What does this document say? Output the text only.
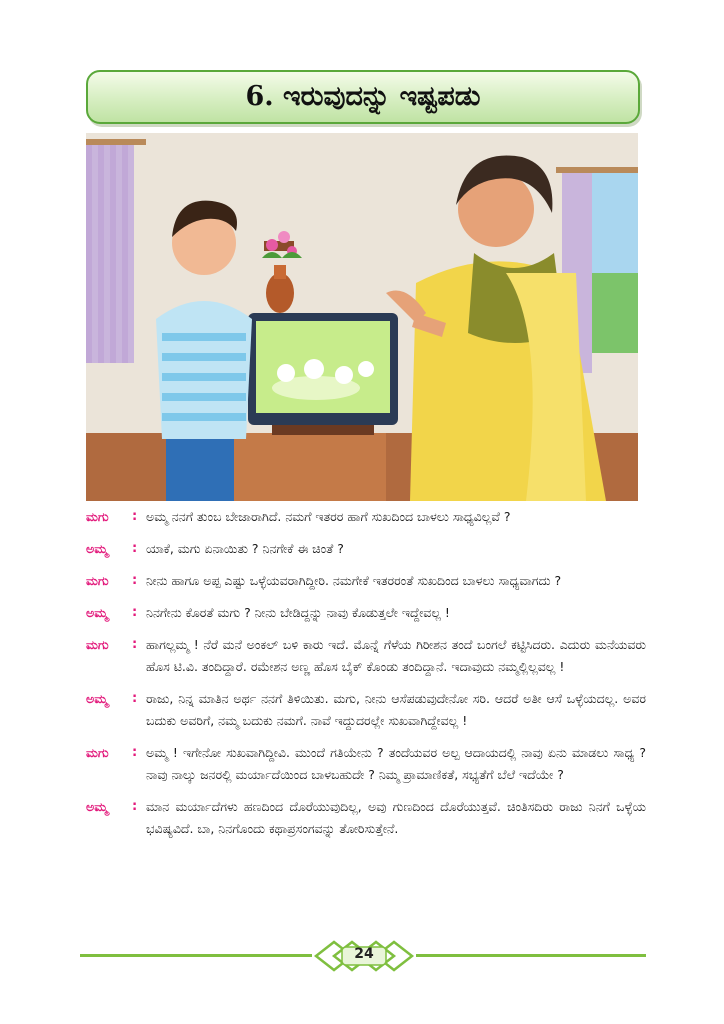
6. ಇರುವುದನ್ನು ಇಷ್ಟಪಡು
ಮಗು	: ಅಮ್ಮ ನನಗೆ ತುಂಬ ಬೇಜಾರಾಗಿದೆ. ನಮಗೆ ಇತರರ ಹಾಗೆ ಸುಖದಿಂದ ಬಾಳಲು ಸಾಧ್ಯವಿಲ್ಲವೆ ?
ಅಮ್ಮ	: ಯಾಕೆ, ಮಗು ಏನಾಯಿತು ? ನಿನಗೇಕೆ ಈ ಚಿಂತೆ ?
ಮಗು	: ನೀನು ಹಾಗೂ ಅಪ್ಪ ಎಷ್ಟು ಒಳ್ಳೆಯವರಾಗಿದ್ದೀರಿ. ನಮಗೇಕೆ ಇತರರಂತೆ ಸುಖದಿಂದ ಬಾಳಲು ಸಾಧ್ಯವಾಗದು ?
ಅಮ್ಮ	: ನಿನಗೇನು ಕೊರತೆ ಮಗು ? ನೀನು ಬೇಡಿದ್ದನ್ನು ನಾವು ಕೊಡುತ್ತಲೇ ಇದ್ದೇವಲ್ಲ !
ಮಗು	: ಹಾಗಲ್ಲಮ್ಮ ! ನೆರೆ ಮನೆ ಅಂಕಲ್ ಬಳಿ ಕಾರು ಇದೆ. ಮೊನ್ನೆ ಗೆಳೆಯ ಗಿರೀಶನ ತಂದೆ ಬಂಗಲೆ ಕಟ್ಟಿಸಿದರು. ಎದುರು ಮನೆಯವರು ಹೊಸ ಟಿ.ವಿ. ತಂದಿದ್ದಾರೆ. ರಮೇಶನ ಅಣ್ಣ ಹೊಸ ಬೈಕ್ ಕೊಂಡು ತಂದಿದ್ದಾನೆ. ಇದಾವುದು ನಮ್ಮಲ್ಲಿಲ್ಲವಲ್ಲ !
ಅಮ್ಮ	: ರಾಜು, ನಿನ್ನ ಮಾತಿನ ಅರ್ಥ ನನಗೆ ತಿಳಿಯಿತು. ಮಗು, ನೀನು ಆಸೆಪಡುವುದೇನೋ ಸರಿ. ಆದರೆ ಅತೀ ಆಸೆ ಒಳ್ಳೆಯದಲ್ಲ. ಅವರ ಬದುಕು ಅವರಿಗೆ, ನಮ್ಮ ಬದುಕು ನಮಗೆ. ನಾವೆ ಇದ್ದುದರಲ್ಲೇ ಸುಖವಾಗಿದ್ದೇವಲ್ಲ !
ಮಗು	: ಅಮ್ಮ ! ಇಗೇನೋ ಸುಖವಾಗಿದ್ದೀವಿ. ಮುಂದೆ ಗತಿಯೇನು ? ತಂದೆಯವರ ಅಲ್ಪ ಆದಾಯದಲ್ಲಿ ನಾವು ಏನು ಮಾಡಲು ಸಾಧ್ಯ ? ನಾವು ನಾಲ್ಕು ಜನರಲ್ಲಿ ಮರ್ಯಾದೆಯಿಂದ ಬಾಳಬಹುದೇ ? ನಿಮ್ಮ ಪ್ರಾಮಾಣಿಕತೆ, ಸಭ್ಯತೆಗೆ ಬೆಲೆ ಇದೆಯೇ ?
ಅಮ್ಮ	: ಮಾನ ಮರ್ಯಾದೆಗಳು ಹಣದಿಂದ ದೊರೆಯುವುದಿಲ್ಲ, ಅವು ಗುಣದಿಂದ ದೊರೆಯುತ್ತವೆ. ಚಿಂತಿಸದಿರು ರಾಜು ನಿನಗೆ ಒಳ್ಳೆಯ ಭವಿಷ್ಯವಿದೆ. ಬಾ, ನಿನಗೊಂದು ಕಥಾಪ್ರಸಂಗವನ್ನು ತೋರಿಸುತ್ತೇನೆ.
24
